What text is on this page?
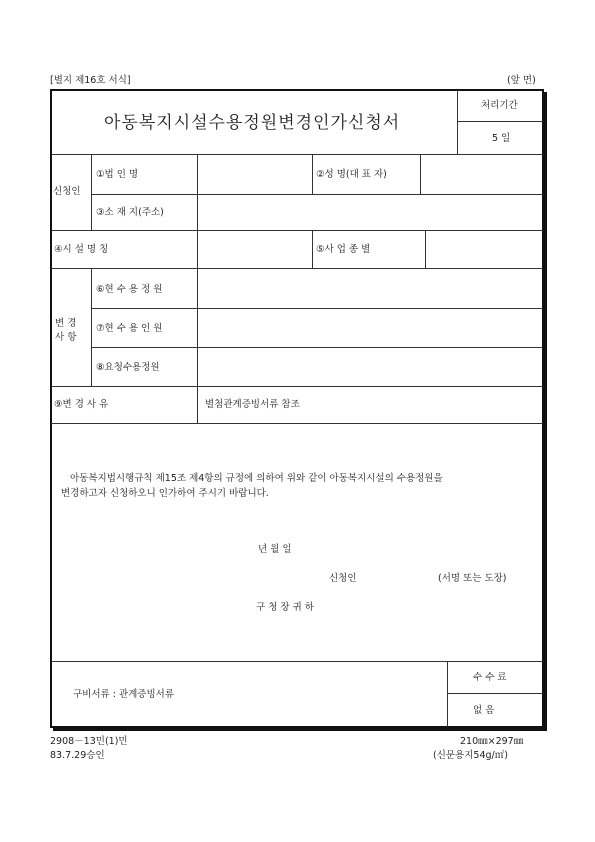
[별지 제16호 서식]	(앞 면)
아동복지시설수용정원변경인가신청서
처리기간
5 일
신청인
①법 인 명	②성 명(대 표 자)
③소 재 지(주소)
④시 설 명 칭	⑤사 업 종 별
변 경
사 항
⑥현 수 용 정 원
⑦현 수 용 인 원
⑧요청수용정원
⑨변 경 사 유	별첨관계증빙서류 참조
아동복지법시행규칙 제15조 제4항의 규정에 의하여 위와 같이 아동복지시설의 수용정원을
변경하고자 신청하오니 인가하여 주시기 바랍니다.
년 월 일
신청인	(서명 또는 도장)
구 청 장 귀 하
구비서류 : 관계증빙서류
수 수 료
없 음
2908－13민(1)민
83.7.29승인
210㎜×297㎜
(신문용지54g/㎡)
